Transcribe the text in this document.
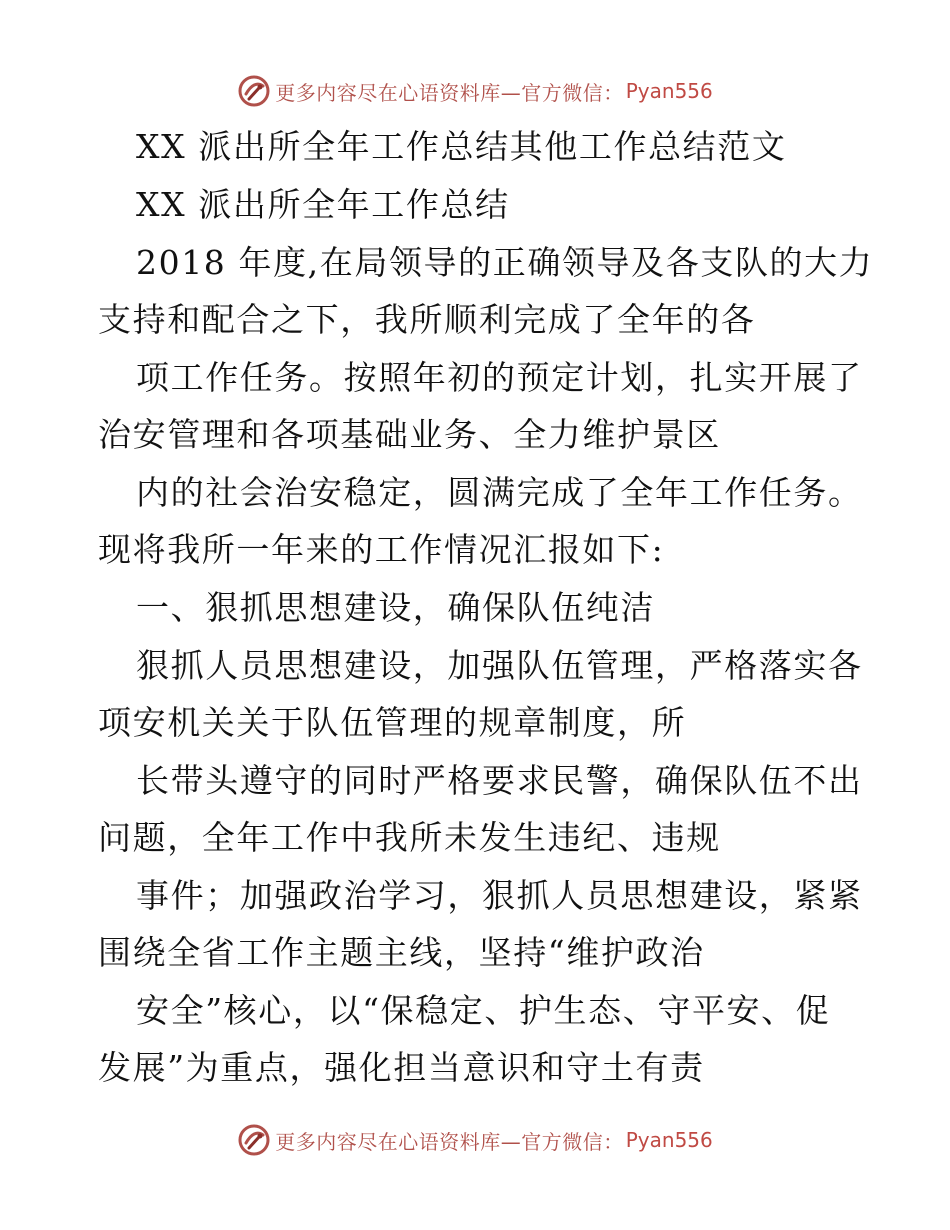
更多内容尽在心语资料库—官方微信： Pyan556
XX 派出所全年工作总结其他工作总结范文
XX 派出所全年工作总结
2018 年度,在局领导的正确领导及各支队的大力
支持和配合之下，我所顺利完成了全年的各
项工作任务。按照年初的预定计划，扎实开展了
治安管理和各项基础业务、全力维护景区
内的社会治安稳定，圆满完成了全年工作任务。
现将我所一年来的工作情况汇报如下:
一、狠抓思想建设，确保队伍纯洁
狠抓人员思想建设，加强队伍管理，严格落实各
项安机关关于队伍管理的规章制度，所
长带头遵守的同时严格要求民警，确保队伍不出
问题，全年工作中我所未发生违纪、违规
事件；加强政治学习，狠抓人员思想建设，紧紧
围绕全省工作主题主线，坚持“维护政治
安全”核心，以“保稳定、护生态、守平安、促
发展”为重点，强化担当意识和守土有责
更多内容尽在心语资料库—官方微信： Pyan556
